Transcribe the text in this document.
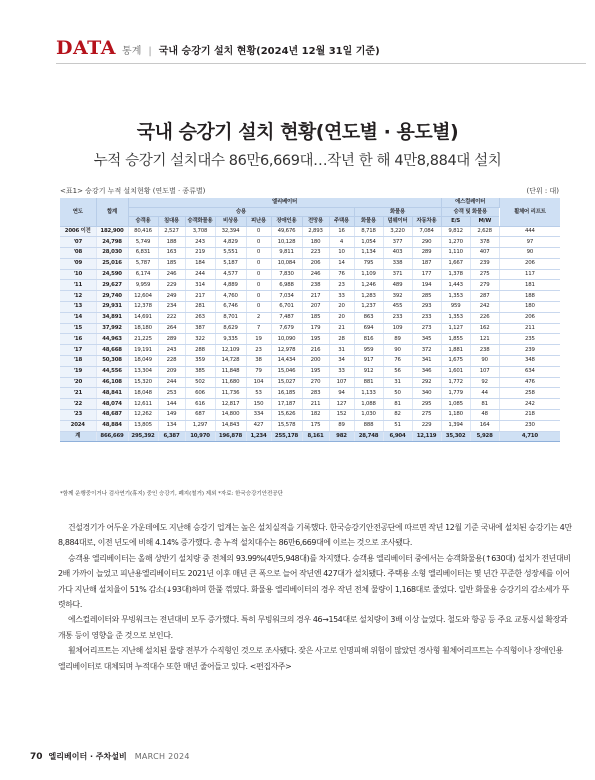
DATA 통계 | 국내 승강기 설치 현황(2024년 12월 31일 기준)
국내 승강기 설치 현황(연도별 · 용도별)
누적 승강기 설치대수 86만6,669대…작년 한 해 4만8,884대 설치
<표1> 승강기 누적 설치현황 (연도별 · 종류별)	(단위 : 대)
연도	합계	엘리베이터											에스컬레이터		휠체어 리프트
		승용								화물용			승객 및 화물용		
		승객용	침대용	승객화물용	비상용	피난용	장애인용	전망용	주택용	화물용	덤웨이터	자동차용	E/S	M/W	
2006 이전	182,900	80,416	2,527	3,708	32,394	0	49,676	2,893	16	8,718	3,220	7,084	9,812	2,628	444
'07	24,798	5,749	188	243	4,829	0	10,128	180	4	1,054	377	290	1,270	378	97
'08	28,030	6,831	163	219	5,551	0	9,811	223	10	1,134	403	289	1,110	407	90
'09	25,016	5,787	185	184	5,187	0	10,084	206	14	795	338	187	1,667	239	206
'10	24,590	6,174	246	244	4,577	0	7,830	246	76	1,109	371	177	1,378	275	117
'11	29,627	9,959	229	314	4,889	0	6,988	238	23	1,246	489	194	1,443	279	181
'12	29,740	12,604	249	217	4,760	0	7,034	217	33	1,283	392	285	1,353	287	188
'13	29,931	12,378	234	281	6,746	0	6,701	207	20	1,237	455	293	959	242	180
'14	34,891	14,691	222	263	8,701	2	7,487	185	20	863	233	233	1,353	226	206
'15	37,992	18,180	264	387	8,629	7	7,679	179	21	694	109	273	1,127	162	211
'16	44,963	21,225	289	322	9,335	19	10,090	195	28	816	89	345	1,855	121	235
'17	48,668	19,191	243	288	12,109	23	12,978	216	31	959	90	372	1,881	238	239
'18	50,308	18,049	228	359	14,728	38	14,434	200	34	917	76	341	1,675	90	348
'19	44,556	13,304	209	385	11,848	79	15,046	195	33	912	56	346	1,601	107	634
'20	46,108	15,320	244	502	11,680	104	15,027	270	107	881	31	292	1,772	92	476
'21	48,841	18,048	253	606	11,736	53	16,185	283	94	1,133	50	340	1,779	44	258
'22	48,074	12,611	144	616	12,817	150	17,187	211	127	1,088	81	295	1,085	81	242
'23	48,687	12,262	149	687	14,800	334	15,626	182	152	1,030	82	275	1,180	48	218
2024	48,884	13,805	134	1,297	14,843	427	15,578	175	89	888	51	229	1,394	164	230
계	866,669	295,392	6,387	10,970	196,878	1,234	255,178	8,161	982	28,748	6,904	12,119	35,302	5,928	4,710
*함께 운행중이거나 검사연기(휴지) 중인 승강기, 폐지(철거) 제외 *자료: 한국승강기안전공단

건설경기가 어두운 가운데에도 지난해 승강기 업계는 높은 설치실적을 기록했다. 한국승강기안전공단에 따르면 작년 12월 기준 국내에 설치된 승강기는 4만8,884대로, 이전 년도에 비해 4.14% 증가했다. 총 누적 설치대수는 86만6,669대에 이르는 것으로 조사됐다.

승객용 엘리베이터는 올해 상반기 설치량 중 전체의 93.99%(4만5,948대)를 차지했다. 승객용 엘리베이터 중에서는 승객화물용(↑630대) 설치가 전년대비 2배 가까이 늘었고 피난용엘리베이터도 2021년 이후 매년 큰 폭으로 늘어 작년엔 427대가 설치됐다. 주택용 소형 엘리베이터는 몇 년간 꾸준한 성장세를 이어가다 지난해 설치율이 51% 감소(↓93대)하며 한풀 꺾였다. 화물용 엘리베이터의 경우 작년 전체 물량이 1,168대로 줄었다. 일반 화물용 승강기의 감소세가 뚜렷하다.

에스컬레이터와 무빙워크는 전년대비 모두 증가했다. 특히 무빙워크의 경우 46→154대로 설치량이 3배 이상 늘었다. 철도와 항공 등 주요 교통시설 확장과 개통 등이 영향을 준 것으로 보인다.

휠체어리프트는 지난해 설치된 물량 전부가 수직형인 것으로 조사됐다. 잦은 사고로 인명피해 위험이 많았던 경사형 휠체어리프트는 수직형이나 장애인용 엘리베이터로 대체되며 누적대수 또한 매년 줄어들고 있다. <편집자주>

70 엘리베이터 · 주차설비 MARCH 2024
